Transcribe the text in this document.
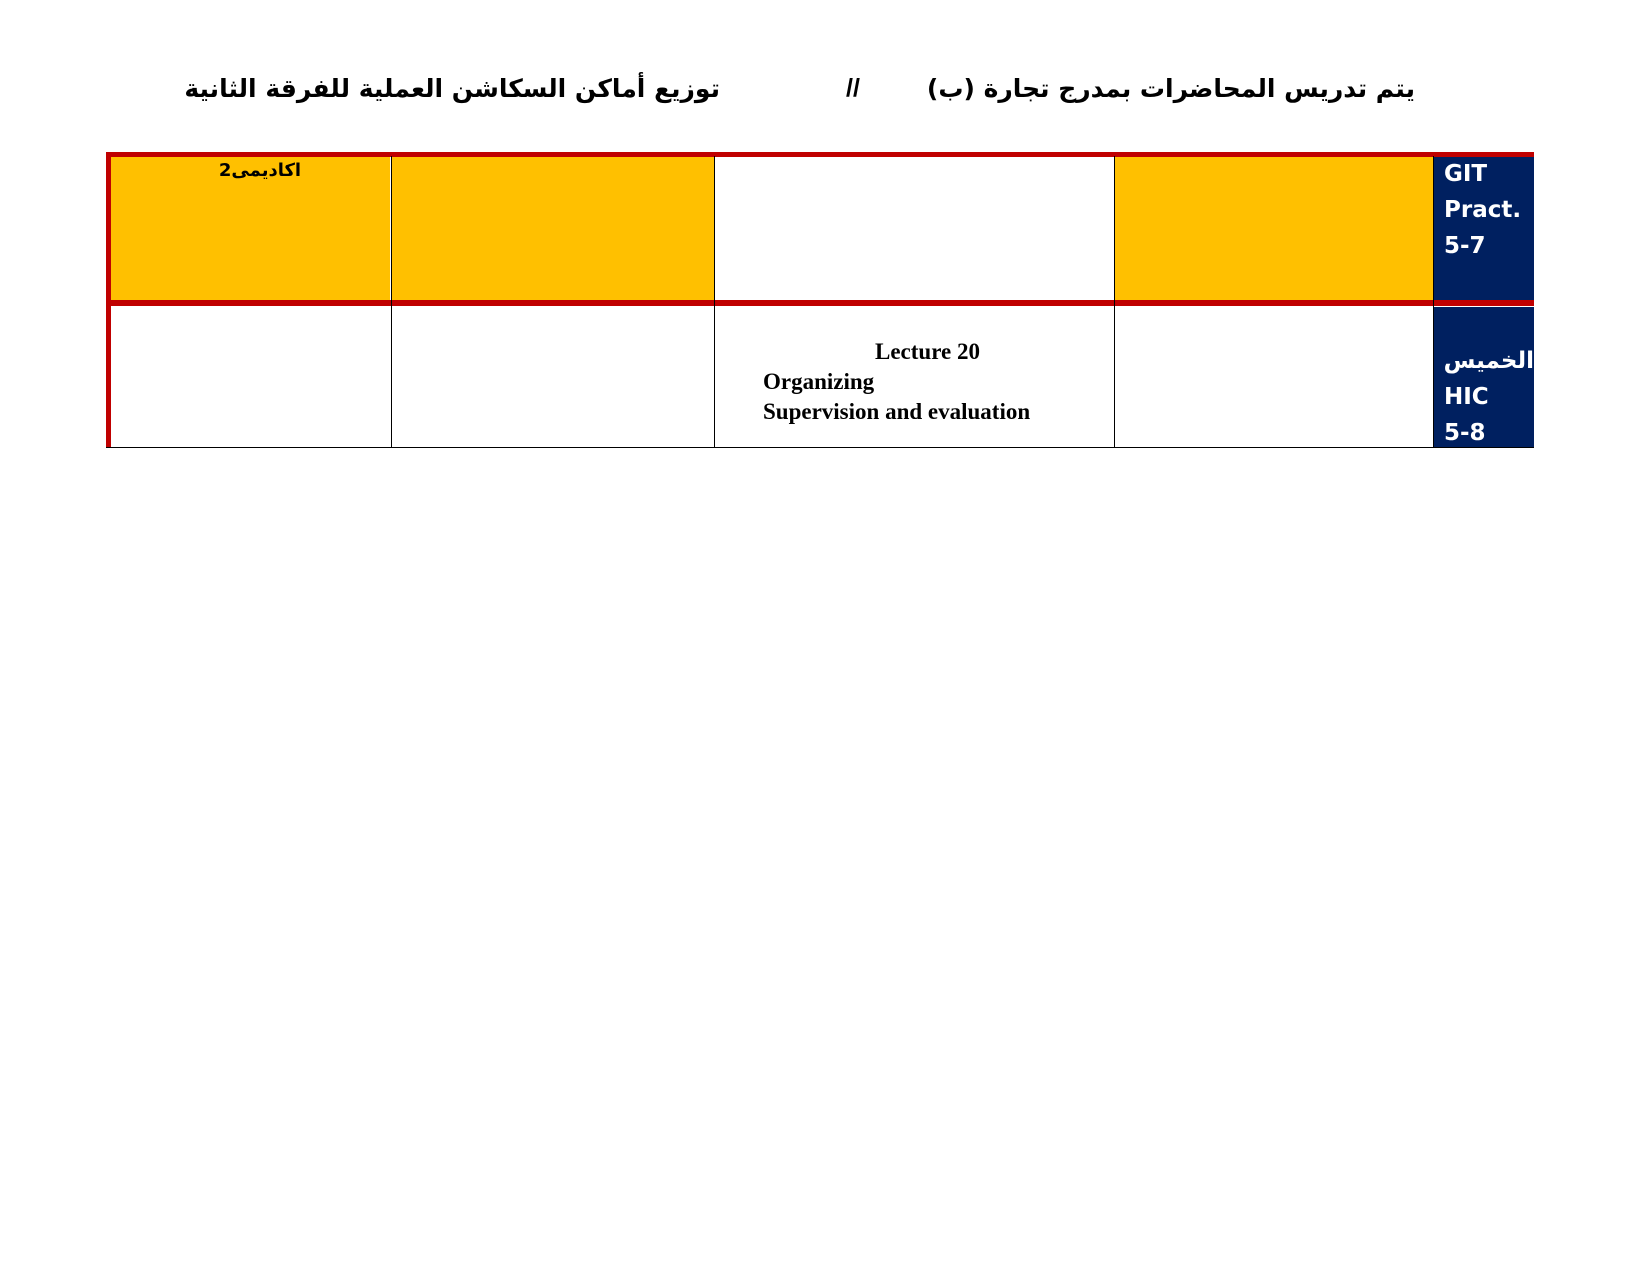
يتم تدريس المحاضرات بمدرج تجارة (ب)
//
توزيع أماكن السكاشن العملية للفرقة الثانية
اكاديمى2	GIT
Pract.
5-7
Lecture 20
Organizing
Supervision and evaluation
الخميس
HIC
5-8
